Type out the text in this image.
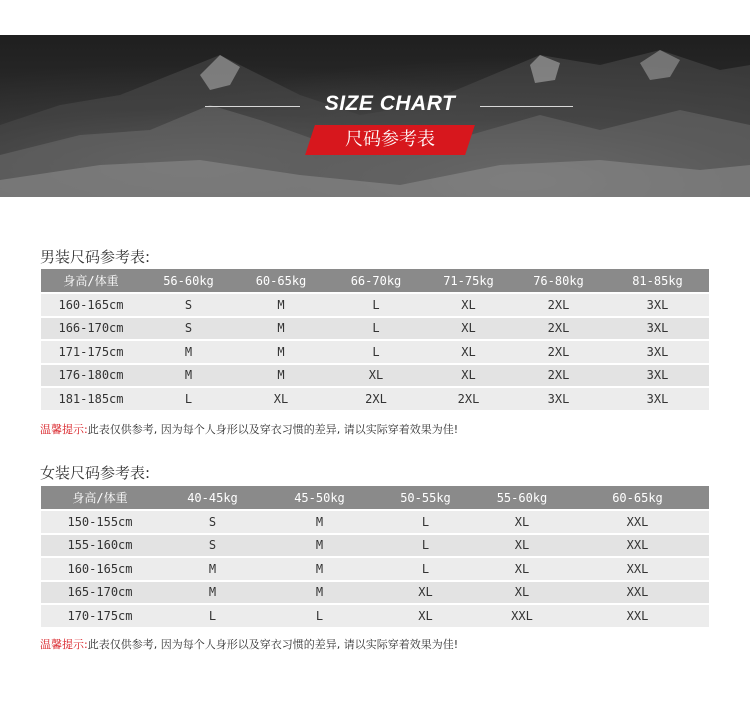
SIZE CHART
尺码参考表
男装尺码参考表:
身高/体重	56-60kg	60-65kg	66-70kg	71-75kg	76-80kg	81-85kg
160-165cm	S	M	L	XL	2XL	3XL
166-170cm	S	M	L	XL	2XL	3XL
171-175cm	M	M	L	XL	2XL	3XL
176-180cm	M	M	XL	XL	2XL	3XL
181-185cm	L	XL	2XL	2XL	3XL	3XL
温馨提示:此表仅供参考, 因为每个人身形以及穿衣习惯的差异, 请以实际穿着效果为佳!
女装尺码参考表:
身高/体重	40-45kg	45-50kg	50-55kg	55-60kg	60-65kg
150-155cm	S	M	L	XL	XXL
155-160cm	S	M	L	XL	XXL
160-165cm	M	M	L	XL	XXL
165-170cm	M	M	XL	XL	XXL
170-175cm	L	L	XL	XXL	XXL
温馨提示:此表仅供参考, 因为每个人身形以及穿衣习惯的差异, 请以实际穿着效果为佳!
